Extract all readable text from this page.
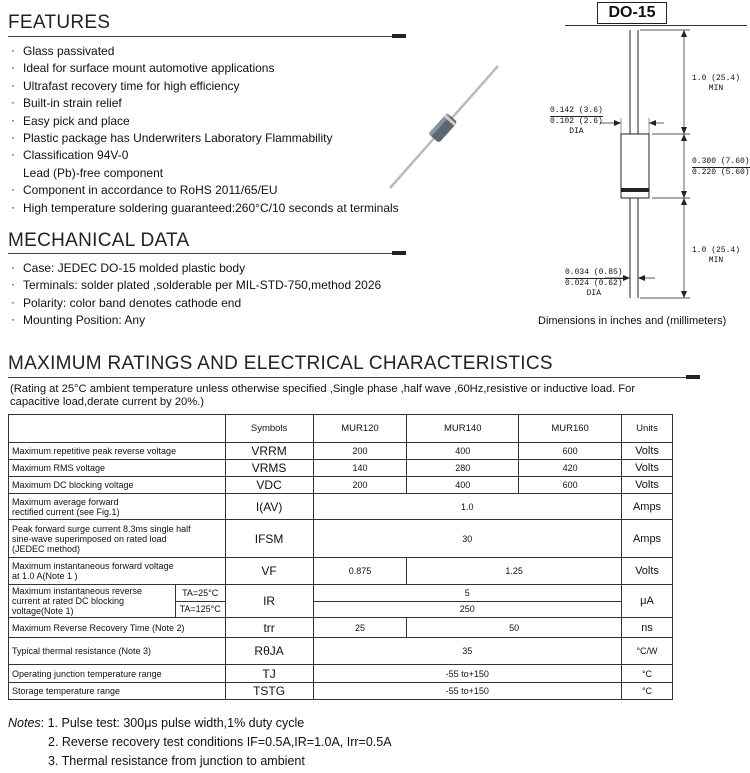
FEATURES
· Glass passivated
· Ideal for surface mount automotive applications
· Ultrafast recovery time for high efficiency
· Built-in strain relief
· Easy pick and place
· Plastic package has Underwriters Laboratory Flammability
· Classification 94V-0
Lead (Pb)-free component
· Component in accordance to RoHS 2011/65/EU
· High temperature soldering guaranteed:260°C/10 seconds at terminals
MECHANICAL DATA
· Case: JEDEC DO-15 molded plastic body
· Terminals: solder plated ,solderable per MIL-STD-750,method 2026
· Polarity: color band denotes cathode end
· Mounting Position: Any
DO-15
1.0 (25.4)
MIN
0.142 (3.6)
0.102 (2.6)
DIA
0.300 (7.60)
0.220 (5.60)
1.0 (25.4)
MIN
0.034 (0.85)
0.024 (0.62)
DIA
Dimensions in inches and (millimeters)
MAXIMUM RATINGS AND ELECTRICAL CHARACTERISTICS
(Rating at 25°C ambient temperature unless otherwise specified ,Single phase ,half wave ,60Hz,resistive or inductive load. For capacitive load,derate current by 20%.)
		Symbols	MUR120	MUR140	MUR160	Units
Maximum repetitive peak reverse voltage		VRRM	200	400	600	Volts
Maximum RMS voltage		VRMS	140	280	420	Volts
Maximum DC blocking voltage		VDC	200	400	600	Volts

Maximum average forward
rectified current (see Fig.1)		I(AV)	1.0			Amps

Peak forward surge current 8.3ms single half
sine-wave superimposed on rated load
(JEDEC method)		IFSM	30			Amps

Maximum instantaneous forward voltage
at 1.0 A(Note 1 )		VF	0.875	1.25		Volts

Maximum instantaneous reverse
current at rated DC blocking
voltage(Note 1)	TA=25°C	IR	5			μA
	TA=125°C		250			
Maximum Reverse Recovery Time (Note 2)		trr	25	50		ns
Typical thermal resistance (Note 3)		RθJA	35			°C/W
Operating junction temperature range		TJ	-55 to+150			°C
Storage temperature range		TSTG	-55 to+150			°C
Notes: 1. Pulse test: 300μs pulse width,1% duty cycle
2. Reverse recovery test conditions IF=0.5A,IR=1.0A, Irr=0.5A
3. Thermal resistance from junction to ambient
